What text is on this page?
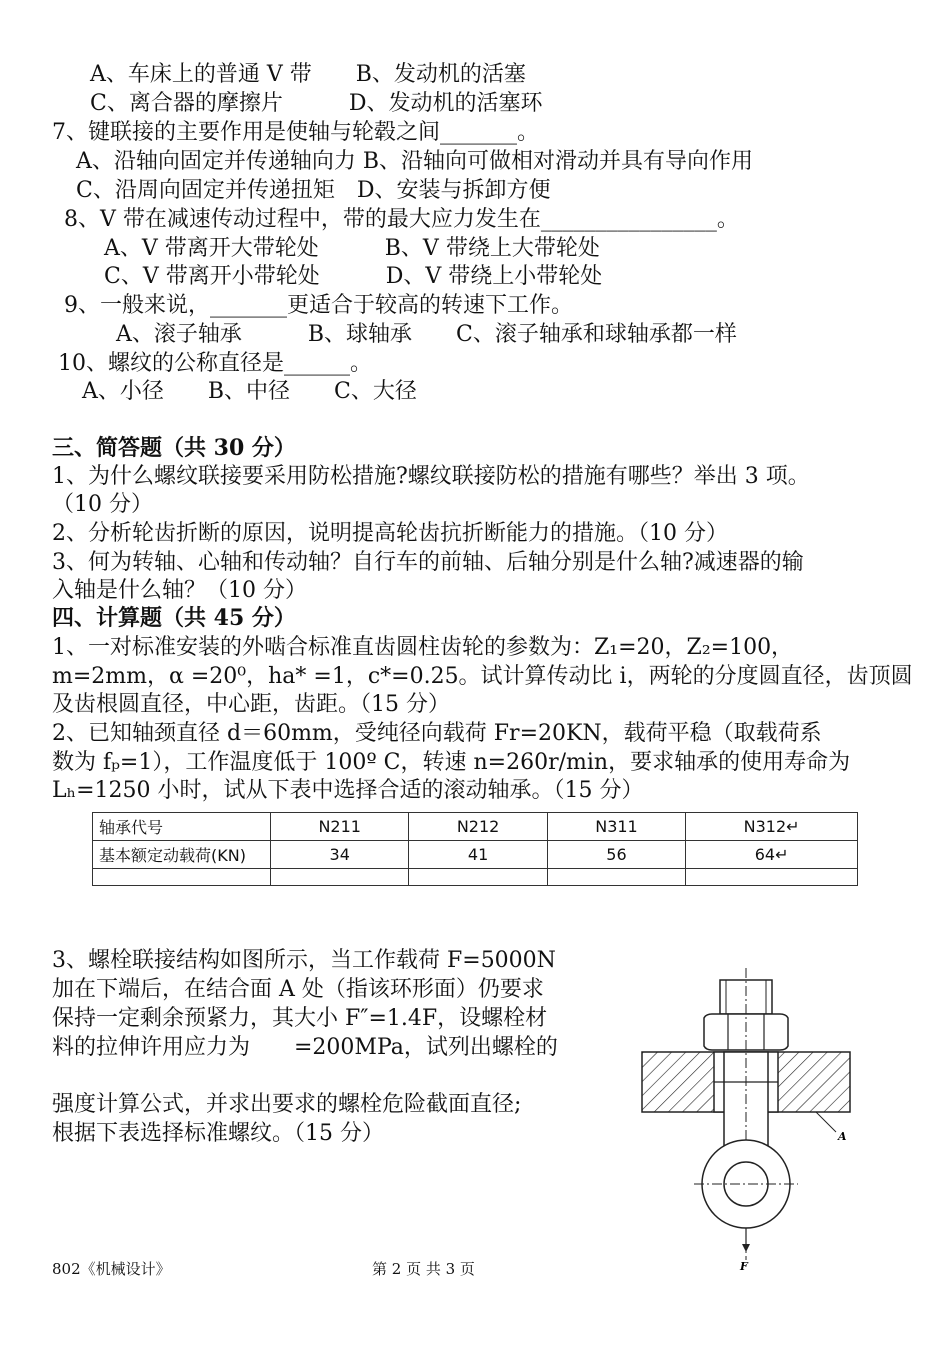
A、车床上的普通 V 带　　B、发动机的活塞
C、离合器的摩擦片　　　D、发动机的活塞环
7、键联接的主要作用是使轴与轮毂之间_______。
A、沿轴向固定并传递轴向力 B、沿轴向可做相对滑动并具有导向作用
C、沿周向固定并传递扭矩　D、安装与拆卸方便
8、V 带在减速传动过程中，带的最大应力发生在________________。
A、V 带离开大带轮处　　　B、V 带绕上大带轮处
C、V 带离开小带轮处　　　D、V 带绕上小带轮处
9、一般来说，_______更适合于较高的转速下工作。
A、滚子轴承　　　B、球轴承　　C、滚子轴承和球轴承都一样
10、螺纹的公称直径是______。
A、小径　　B、中径　　C、大径
三、简答题（共 30 分）
1、为什么螺纹联接要采用防松措施?螺纹联接防松的措施有哪些？举出 3 项。
（10 分）
2、分析轮齿折断的原因，说明提高轮齿抗折断能力的措施。（10 分）
3、何为转轴、心轴和传动轴？自行车的前轴、后轴分别是什么轴?减速器的输
入轴是什么轴？（10 分）
四、计算题（共 45 分）
1、一对标准安装的外啮合标准直齿圆柱齿轮的参数为：Z₁=20，Z₂=100，
m=2mm，α =20⁰，ha* =1，c*=0.25。试计算传动比 i，两轮的分度圆直径，齿顶圆
及齿根圆直径，中心距，齿距。（15 分）
2、已知轴颈直径 d＝60mm，受纯径向载荷 Fr=20KN，载荷平稳（取载荷系
数为 fₚ=1），工作温度低于 100º C，转速 n=260r/min，要求轴承的使用寿命为
Lₕ=1250 小时，试从下表中选择合适的滚动轴承。（15 分）
轴承代号	N211	N212	N311	N312↵
基本额定动载荷(KN)	34	41	56	64↵

3、螺栓联接结构如图所示，当工作载荷 F=5000N
加在下端后，在结合面 A 处（指该环形面）仍要求
保持一定剩余预紧力，其大小 F″=1.4F，设螺栓材
料的拉伸许用应力为　　=200MPa，试列出螺栓的
强度计算公式，并求出要求的螺栓危险截面直径;
根据下表选择标准螺纹。（15 分）	A
F
802《机械设计》	第 2 页 共 3 页
